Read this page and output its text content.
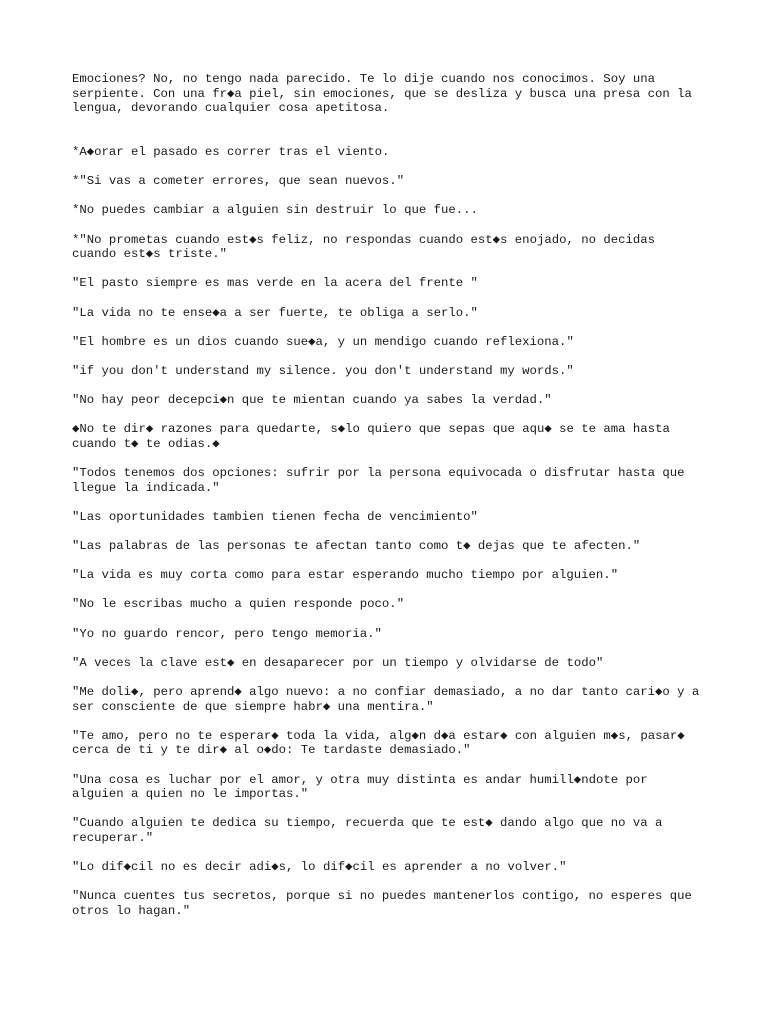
Emociones? No, no tengo nada parecido. Te lo dije cuando nos conocimos. Soy una serpiente. Con una fr◆a piel, sin emociones, que se desliza y busca una presa con la lengua, devorando cualquier cosa apetitosa.

*A◆orar el pasado es correr tras el viento.

*"Si vas a cometer errores, que sean nuevos."

*No puedes cambiar a alguien sin destruir lo que fue...

*"No prometas cuando est◆s feliz, no respondas cuando est◆s enojado, no decidas cuando est◆s triste."

"El pasto siempre es mas verde en la acera del frente "

"La vida no te ense◆a a ser fuerte, te obliga a serlo."

"El hombre es un dios cuando sue◆a, y un mendigo cuando reflexiona."

"if you don't understand my silence. you don't understand my words."

"No hay peor decepci◆n que te mientan cuando ya sabes la verdad."

◆No te dir◆ razones para quedarte, s◆lo quiero que sepas que aqu◆ se te ama hasta cuando t◆ te odias.◆

"Todos tenemos dos opciones: sufrir por la persona equivocada o disfrutar hasta que llegue la indicada."

"Las oportunidades tambien tienen fecha de vencimiento"

"Las palabras de las personas te afectan tanto como t◆ dejas que te afecten."

"La vida es muy corta como para estar esperando mucho tiempo por alguien."

"No le escribas mucho a quien responde poco."

"Yo no guardo rencor, pero tengo memoria."

"A veces la clave est◆ en desaparecer por un tiempo y olvidarse de todo"

"Me doli◆, pero aprend◆ algo nuevo: a no confiar demasiado, a no dar tanto cari◆o y a ser consciente de que siempre habr◆ una mentira."

"Te amo, pero no te esperar◆ toda la vida, alg◆n d◆a estar◆ con alguien m◆s, pasar◆ cerca de ti y te dir◆ al o◆do: Te tardaste demasiado."

"Una cosa es luchar por el amor, y otra muy distinta es andar humill◆ndote por alguien a quien no le importas."

"Cuando alguien te dedica su tiempo, recuerda que te est◆ dando algo que no va a recuperar."

"Lo dif◆cil no es decir adi◆s, lo dif◆cil es aprender a no volver."

"Nunca cuentes tus secretos, porque si no puedes mantenerlos contigo, no esperes que otros lo hagan."
